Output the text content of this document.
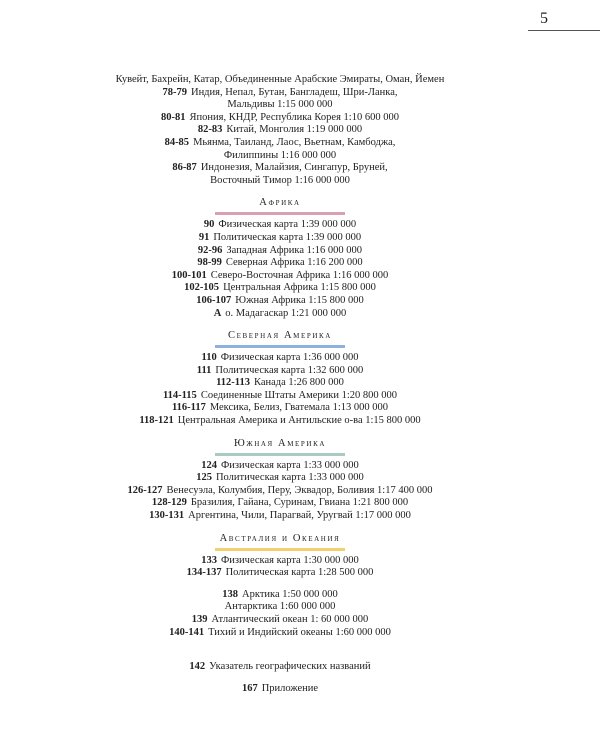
5
Кувейт, Бахрейн, Катар, Объединенные Арабские Эмираты, Оман, Йемен
78-79 Индия, Непал, Бутан, Бангладеш, Шри-Ланка, Мальдивы 1:15 000 000
80-81 Япония, КНДР, Республика Корея 1:10 600 000
82-83 Китай, Монголия 1:19 000 000
84-85 Мьянма, Таиланд, Лаос, Вьетнам, Камбоджа, Филиппины 1:16 000 000
86-87 Индонезия, Малайзия, Сингапур, Бруней, Восточный Тимор 1:16 000 000
Африка
90 Физическая карта 1:39 000 000
91 Политическая карта 1:39 000 000
92-96 Западная Африка 1:16 000 000
98-99 Северная Африка 1:16 200 000
100-101 Северо-Восточная Африка 1:16 000 000
102-105 Центральная Африка 1:15 800 000
106-107 Южная Африка 1:15 800 000
А о. Мадагаскар 1:21 000 000
Северная Америка
110 Физическая карта 1:36 000 000
111 Политическая карта 1:32 600 000
112-113 Канада 1:26 800 000
114-115 Соединенные Штаты Америки 1:20 800 000
116-117 Мексика, Белиз, Гватемала 1:13 000 000
118-121 Центральная Америка и Антильские о-ва 1:15 800 000
Южная Америка
124 Физическая карта 1:33 000 000
125 Политическая карта 1:33 000 000
126-127 Венесуэла, Колумбия, Перу, Эквадор, Боливия 1:17 400 000
128-129 Бразилия, Гайана, Суринам, Гвиана 1:21 800 000
130-131 Аргентина, Чили, Парагвай, Уругвай 1:17 000 000
Австралия и Океания
133 Физическая карта 1:30 000 000
134-137 Политическая карта 1:28 500 000
138 Арктика 1:50 000 000
Антарктика 1:60 000 000
139 Атлантический океан 1: 60 000 000
140-141 Тихий и Индийский океаны 1:60 000 000
142 Указатель географических названий
167 Приложение
